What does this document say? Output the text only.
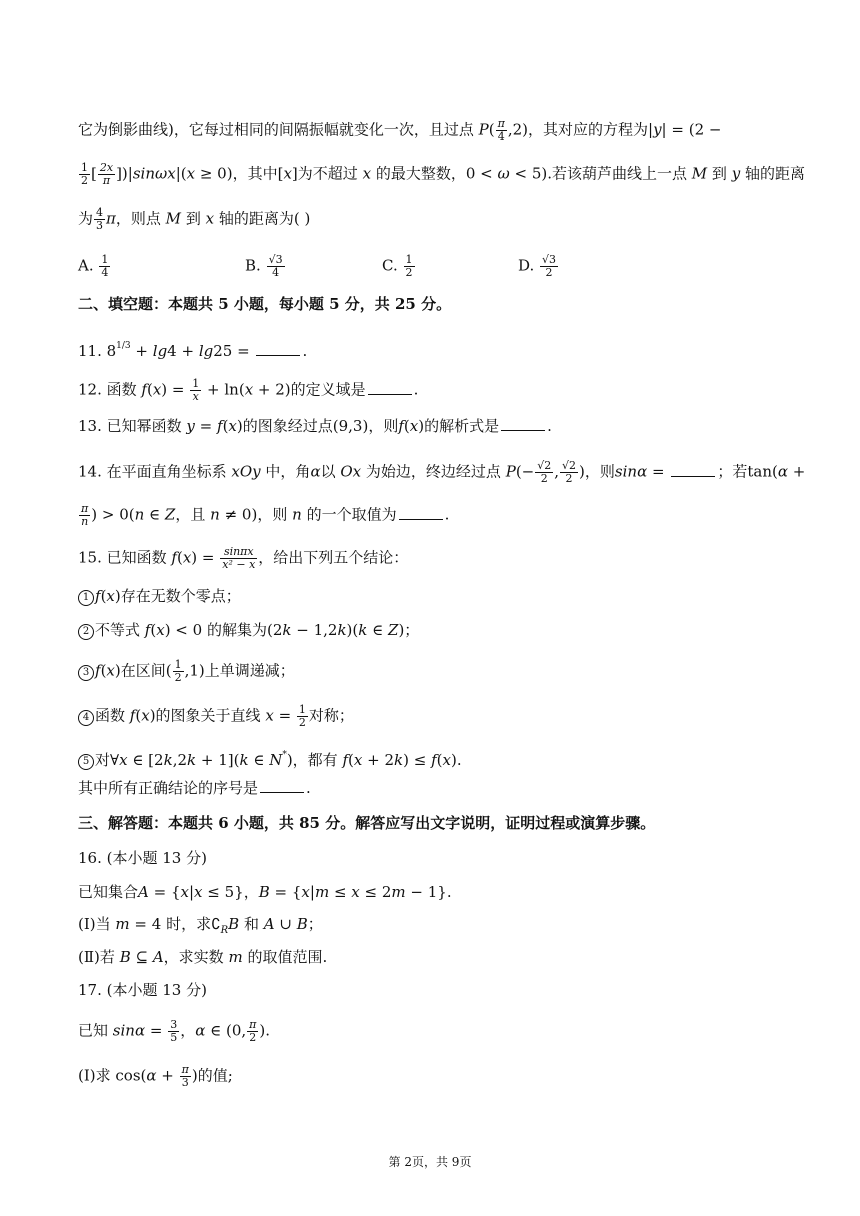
它为倒影曲线)，它每过相同的间隔振幅就变化一次，且过点 $P( \frac{\pi}{4} ,2)$，其对应的方程为|y| = (2 −
$\frac{1}{2}$ [ $\frac{2x}{\pi} ])|\sin\omega x|(x \ge 0)$，其中[x]为不超过 x 的最大整数，0 < ω < 5).若该葫芦曲线上一点 M 到 y 轴的距离
为 $\frac{4}{3}$ π，则点 M 到 x 轴的距离为( )
A. $\frac{1}{4}$	B. $\frac{√3}{4}$	C. $\frac{1}{2}$	D. $\frac{√3}{2}$
二、填空题：本题共 5 小题，每小题 5 分，共 25 分。
11. $8^{1/3} + \lg 4 + \lg 25$ =	.
12. 函数 $f(x) = \frac{1}{x} + \ln(x + 2)$的定义域是	.
13. 已知幂函数 y = f(x)的图象经过点(9,3)，则f(x)的解析式是	.
14. 在平面直角坐标系 xOy 中，角α以 Ox 为始边，终边经过点 $P(- \frac{√2}{2}$ , $\frac{√2}{2}$ )，则sinα =	；若tan(α +
$\frac{\pi}{n}$ ) > 0(n ∈ Z，且 n ≠ 0)，则 n 的一个取值为	.
15. 已知函数 $f(x) = \frac{\sin\pi x}{\text{x² − x}}$ ，给出下列五个结论：
1 f(x)存在无数个零点；
2 不等式 f(x) < 0 的解集为(2k − 1,2k)(k ∈ Z)；
3 f(x)在区间( $\frac{1}{2} ,1$)上单调递减；
4 函数 f(x)的图象关于直线 $x = \frac{1}{2}$ 对称；
5 对∀x ∈ [2k,2k + 1](k ∈ N*)，都有 f(x + 2k) ≤ f(x).
其中所有正确结论的序号是	.
三、解答题：本题共 6 小题，共 85 分。解答应写出文字说明，证明过程或演算步骤。
16. (本小题 13 分)
已知集合A = {x|x ≤ 5}，B = {x|m ≤ x ≤ 2m − 1}.
(Ⅰ)当 m = 4 时，求$∁_RB$ 和 A ∪ B；
(Ⅱ)若 B ⊆ A，求实数 m 的取值范围.
17. (本小题 13 分)
已知 $\sin\alpha = \frac{3}{5}$ ，α ∈ (0, $\frac{\pi}{2}$ ).
(Ⅰ)求 $\cos(\alpha + \frac{\pi}{3}$ )的值;
第 2页，共 9页
